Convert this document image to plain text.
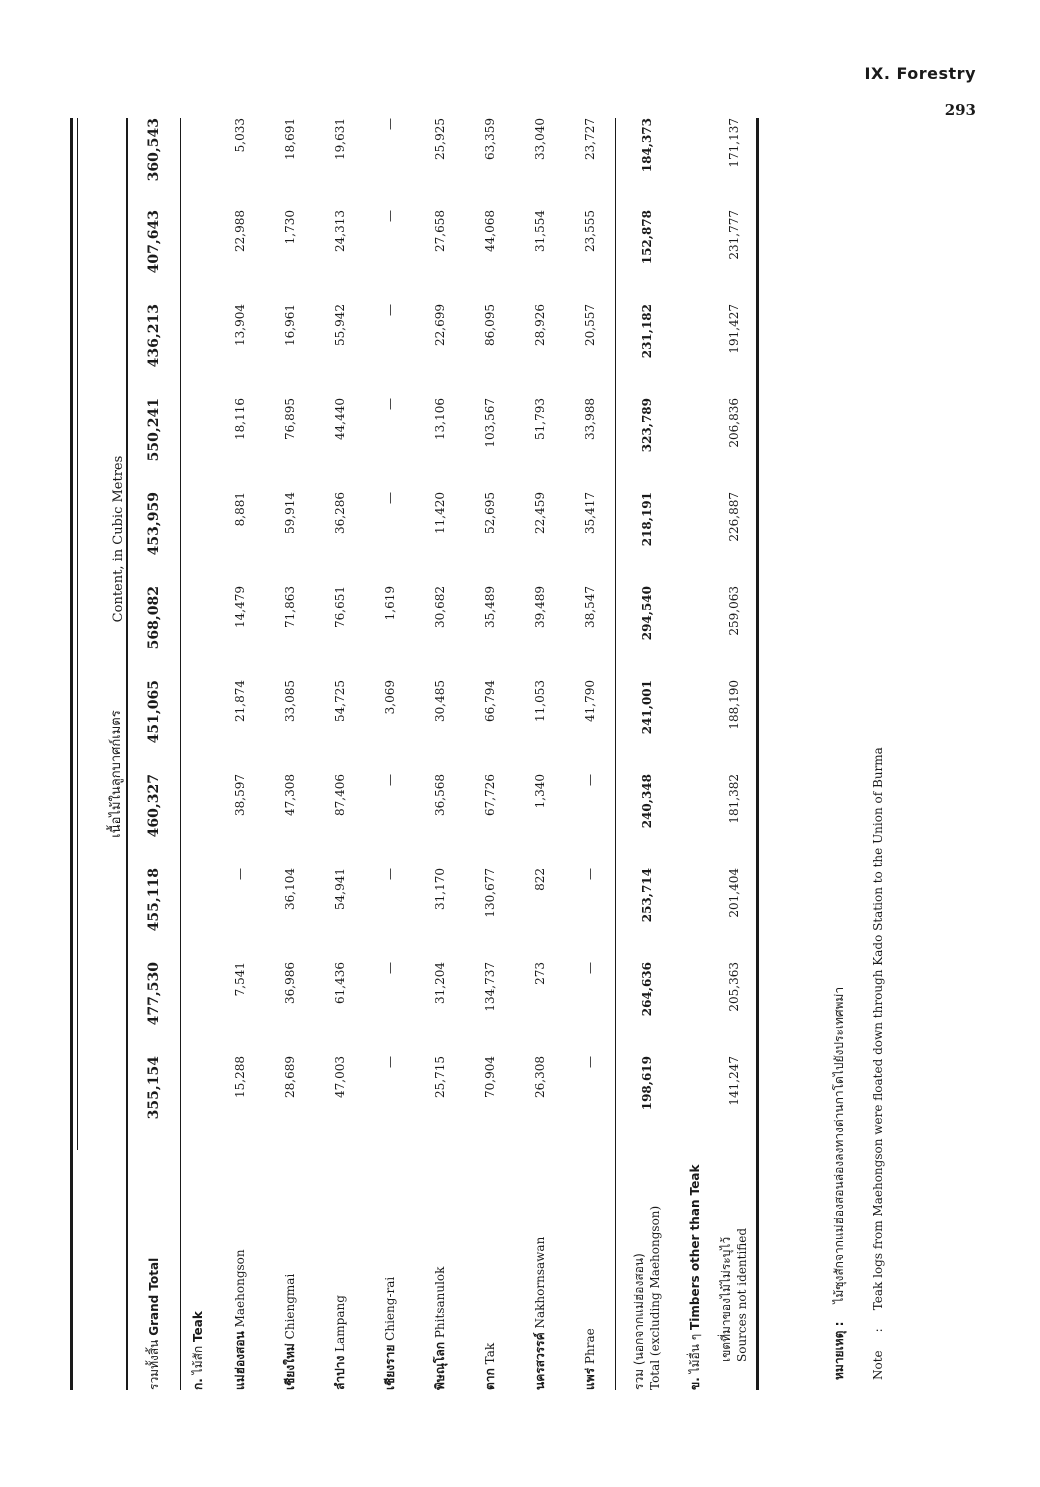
IX. Forestry
293

				เนื้อไม้ในลูกบาศก์เมตร		Content, in Cubic Metres					
รวมทั้งสิ้น Grand Total	355,154	477,530	455,118	460,327	451,065	568,082	453,959	550,241	436,213	407,643	360,543
ก. ไม้สัก Teak											
แม่ฮ่องสอน Maehongson	15,288	7,541	—	38,597	21,874	14,479	8,881	18,116	13,904	22,988	5,033
เชียงใหม่ Chiengmai	28,689	36,986	36,104	47,308	33,085	71,863	59,914	76,895	16,961	1,730	18,691
ลำปาง Lampang	47,003	61,436	54,941	87,406	54,725	76,651	36,286	44,440	55,942	24,313	19,631
เชียงราย Chieng-rai	—	—	—	—	3,069	1,619	—	—	—	—	—
พิษณุโลก Phitsanulok	25,715	31,204	31,170	36,568	30,485	30,682	11,420	13,106	22,699	27,658	25,925
ตาก Tak	70,904	134,737	130,677	67,726	66,794	35,489	52,695	103,567	86,095	44,068	63,359
นครสวรรค์ Nakhornsawan	26,308	273	822	1,340	11,053	39,489	22,459	51,793	28,926	31,554	33,040
แพร่ Phrae	—	—	—	—	41,790	38,547	35,417	33,988	20,557	23,555	23,727
รวม (นอกจากแม่ฮ่องสอน) Total (excluding Maehongson)	198,619	264,636	253,714	240,348	241,001	294,540	218,191	323,789	231,182	152,878	184,373
ข. ไม้อื่น ๆ Timbers other than Teak											
เขตที่มาของไม้ไม่ระบุไว้ Sources not identified	141,247	205,363	201,404	181,382	188,190	259,063	226,887	206,836	191,427	231,777	171,137
หมายเหตุ :
ไม้ซุงสักจากแม่ฮ่องสอนล่องลงทางด่านกาโดไปยังประเทศพม่า
Note
:
Teak logs from Maehongson were floated down through Kado Station to the Union of Burma
